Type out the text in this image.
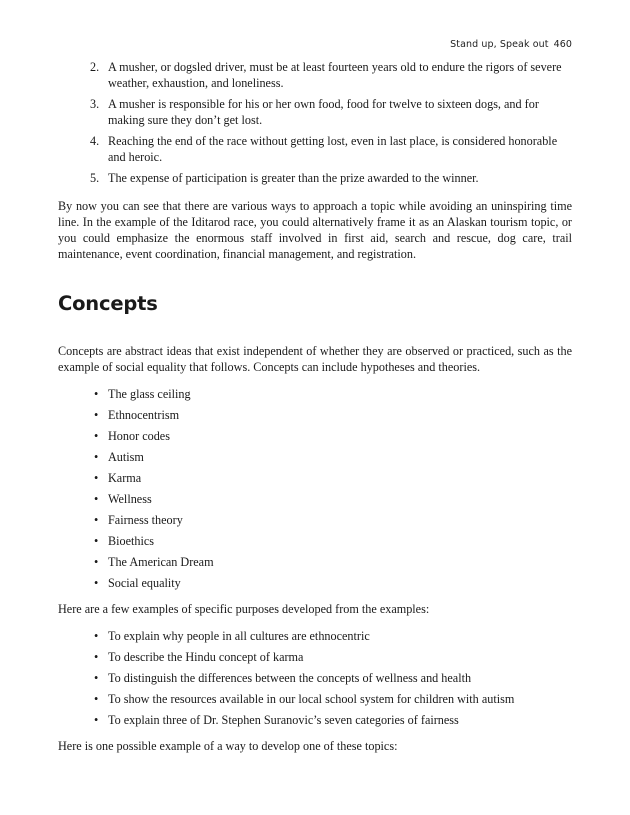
Stand up, Speak out 460
2. A musher, or dogsled driver, must be at least fourteen years old to endure the rigors of severe weather, exhaustion, and loneliness.
3. A musher is responsible for his or her own food, food for twelve to sixteen dogs, and for making sure they don’t get lost.
4. Reaching the end of the race without getting lost, even in last place, is considered honorable and heroic.
5. The expense of participation is greater than the prize awarded to the winner.

By now you can see that there are various ways to approach a topic while avoiding an uninspiring time line. In the example of the Iditarod race, you could alternatively frame it as an Alaskan tourism topic, or you could emphasize the enormous staff involved in first aid, search and rescue, dog care, trail maintenance, event coordination, financial management, and registration.

Concepts

Concepts are abstract ideas that exist independent of whether they are observed or practiced, such as the example of social equality that follows. Concepts can include hypotheses and theories.

• The glass ceiling
• Ethnocentrism
• Honor codes
• Autism
• Karma
• Wellness
• Fairness theory
• Bioethics
• The American Dream
• Social equality

Here are a few examples of specific purposes developed from the examples:

• To explain why people in all cultures are ethnocentric
• To describe the Hindu concept of karma
• To distinguish the differences between the concepts of wellness and health
• To show the resources available in our local school system for children with autism
• To explain three of Dr. Stephen Suranovic’s seven categories of fairness

Here is one possible example of a way to develop one of these topics:
